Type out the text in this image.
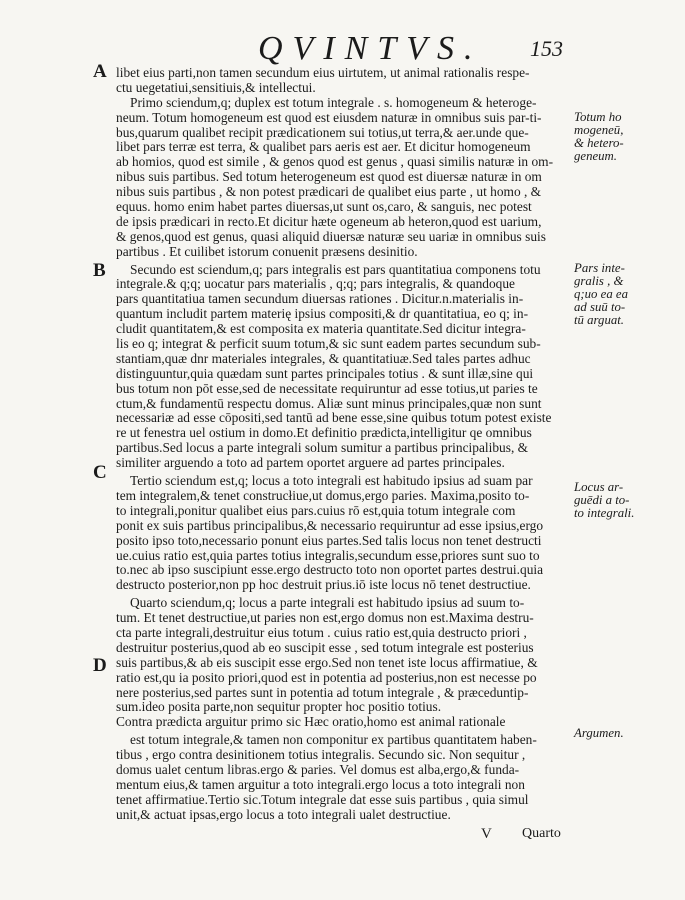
QVINTVS. 153
A
B
C
D
libet eius parti,non tamen secundum eius uirtutem, ut animal rationalis respe-
ctu uegetatiui,sensitiuis,& intellectui.
Primo sciendum,q; duplex est totum integrale . s. homogeneum & heteroge-
neum. Totum homogeneum est quod est eiusdem naturæ in omnibus suis par-ti-
bus,quarum qualibet recipit prædicationem sui totius,ut terra,& aer.unde que-
libet pars terræ est terra, & qualibet pars aeris est aer. Et dicitur homogeneum
ab homios, quod est simile , & genos quod est genus , quasi similis naturæ in om-
nibus suis partibus. Sed totum heterogeneum est quod est diuersæ naturæ in om
nibus suis partibus , & non potest prædicari de qualibet eius parte , ut homo , &
equus. homo enim habet partes diuersas,ut sunt os,caro, & sanguis, nec potest
de ipsis prædicari in recto.Et dicitur hæte ogeneum ab heteron,quod est uarium,
& genos,quod est genus, quasi aliquid diuersæ naturæ seu uariæ in omnibus suis
partibus . Et cuilibet istorum conuenit præsens desinitio.
Secundo est sciendum,q; pars integralis est pars quantitatiua componens totu
integrale.& q;q; uocatur pars materialis , q;q; pars integralis, & quandoque
pars quantitatiua tamen secundum diuersas rationes . Dicitur.n.materialis in-
quantum includit partem materię ipsius compositi,& dr quantitatiua, eo q; in-
cludit quantitatem,& est composita ex materia quantitate.Sed dicitur integra-
lis eo q; integrat & perficit suum totum,& sic sunt eadem partes secundum sub-
stantiam,quæ dnr materiales integrales, & quantitatiuæ.Sed tales partes adhuc
distinguuntur,quia quædam sunt partes principales totius . & sunt illæ,sine qui
bus totum non pōt esse,sed de necessitate requiruntur ad esse totius,ut paries te
ctum,& fundamentū respectu domus. Aliæ sunt minus principales,quæ non sunt
necessariæ ad esse cōpositi,sed tantū ad bene esse,sine quibus totum potest existe
re ut fenestra uel ostium in domo.Et definitio prædicta,intelligitur qe omnibus
partibus.Sed locus a parte integrali solum sumitur a partibus principalibus, &
similiter arguendo a toto ad partem oportet arguere ad partes principales.
Tertio sciendum est,q; locus a toto integrali est habitudo ipsius ad suam par
tem integralem,& tenet construcłiue,ut domus,ergo paries. Maxima,posito to-
to integrali,ponitur qualibet eius pars.cuius rō est,quia totum integrale com
ponit ex suis partibus principalibus,& necessario requiruntur ad esse ipsius,ergo
posito ipso toto,necessario ponunt eius partes.Sed talis locus non tenet destructi
ue.cuius ratio est,quia partes totius integralis,secundum esse,priores sunt suo to
to.nec ab ipso suscipiunt esse.ergo destructo toto non oportet partes destrui.quia
destructo posterior,non pp hoc destruit prius.iō iste locus nō tenet destructiue.
Quarto sciendum,q; locus a parte integrali est habitudo ipsius ad suum to-
tum. Et tenet destructiue,ut paries non est,ergo domus non est.Maxima destru-
cta parte integrali,destruitur eius totum . cuius ratio est,quia destructo priori ,
destruitur posterius,quod ab eo suscipit esse , sed totum integrale est posterius
suis partibus,& ab eis suscipit esse ergo.Sed non tenet iste locus affirmatiue, &
ratio est,qu ia posito priori,quod est in potentia ad posterius,non est necesse po
nere posterius,sed partes sunt in potentia ad totum integrale , & præceduntip-
sum.ideo posita parte,non sequitur propter hoc positio totius.
Contra prædicta arguitur primo sic Hæc oratio,homo est animal rationale
est totum integrale,& tamen non componitur ex partibus quantitatem haben-
tibus , ergo contra desinitionem totius integralis. Secundo sic. Non sequitur ,
domus ualet centum libras.ergo & paries. Vel domus est alba,ergo,& funda-
mentum eius,& tamen arguitur a toto integrali.ergo locus a toto integrali non
tenet affirmatiue.Tertio sic.Totum integrale dat esse suis partibus , quia simul
unit,& actuat ipsas,ergo locus a toto integrali ualet destructiue.
Totum ho
mogeneū,
& hetero-
geneum.
Pars inte-
gralis , &
q;uo ea ea
ad suū to-
tū arguat.
Locus ar-
guēdi a to-
to integrali.
Argumen.
V Quarto
